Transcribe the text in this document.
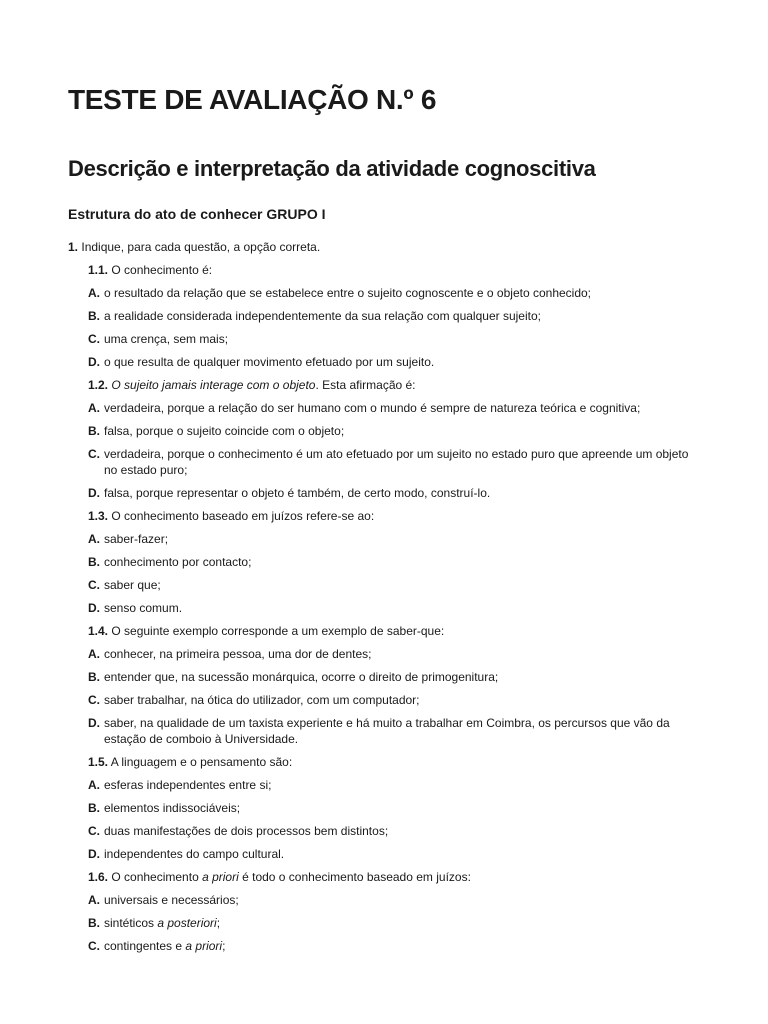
TESTE DE AVALIAÇÃO N.º 6
Descrição e interpretação da atividade cognoscitiva
Estrutura do ato de conhecer GRUPO I

1. Indique, para cada questão, a opção correta.

1.1. O conhecimento é:

A. o resultado da relação que se estabelece entre o sujeito cognoscente e o objeto conhecido;

B. a realidade considerada independentemente da sua relação com qualquer sujeito;

C. uma crença, sem mais;

D. o que resulta de qualquer movimento efetuado por um sujeito.

1.2. O sujeito jamais interage com o objeto. Esta afirmação é:

A. verdadeira, porque a relação do ser humano com o mundo é sempre de natureza teórica e cognitiva;

B. falsa, porque o sujeito coincide com o objeto;

C. verdadeira, porque o conhecimento é um ato efetuado por um sujeito no estado puro que apreende um objeto no estado puro;

D. falsa, porque representar o objeto é também, de certo modo, construí-lo.

1.3. O conhecimento baseado em juízos refere-se ao:

A. saber-fazer;

B. conhecimento por contacto;

C. saber que;

D. senso comum.

1.4. O seguinte exemplo corresponde a um exemplo de saber-que:

A. conhecer, na primeira pessoa, uma dor de dentes;

B. entender que, na sucessão monárquica, ocorre o direito de primogenitura;

C. saber trabalhar, na ótica do utilizador, com um computador;

D. saber, na qualidade de um taxista experiente e há muito a trabalhar em Coimbra, os percursos que vão da estação de comboio à Universidade.

1.5. A linguagem e o pensamento são:

A. esferas independentes entre si;

B. elementos indissociáveis;

C. duas manifestações de dois processos bem distintos;

D. independentes do campo cultural.

1.6. O conhecimento a priori é todo o conhecimento baseado em juízos:

A. universais e necessários;

B. sintéticos a posteriori;

C. contingentes e a priori;
